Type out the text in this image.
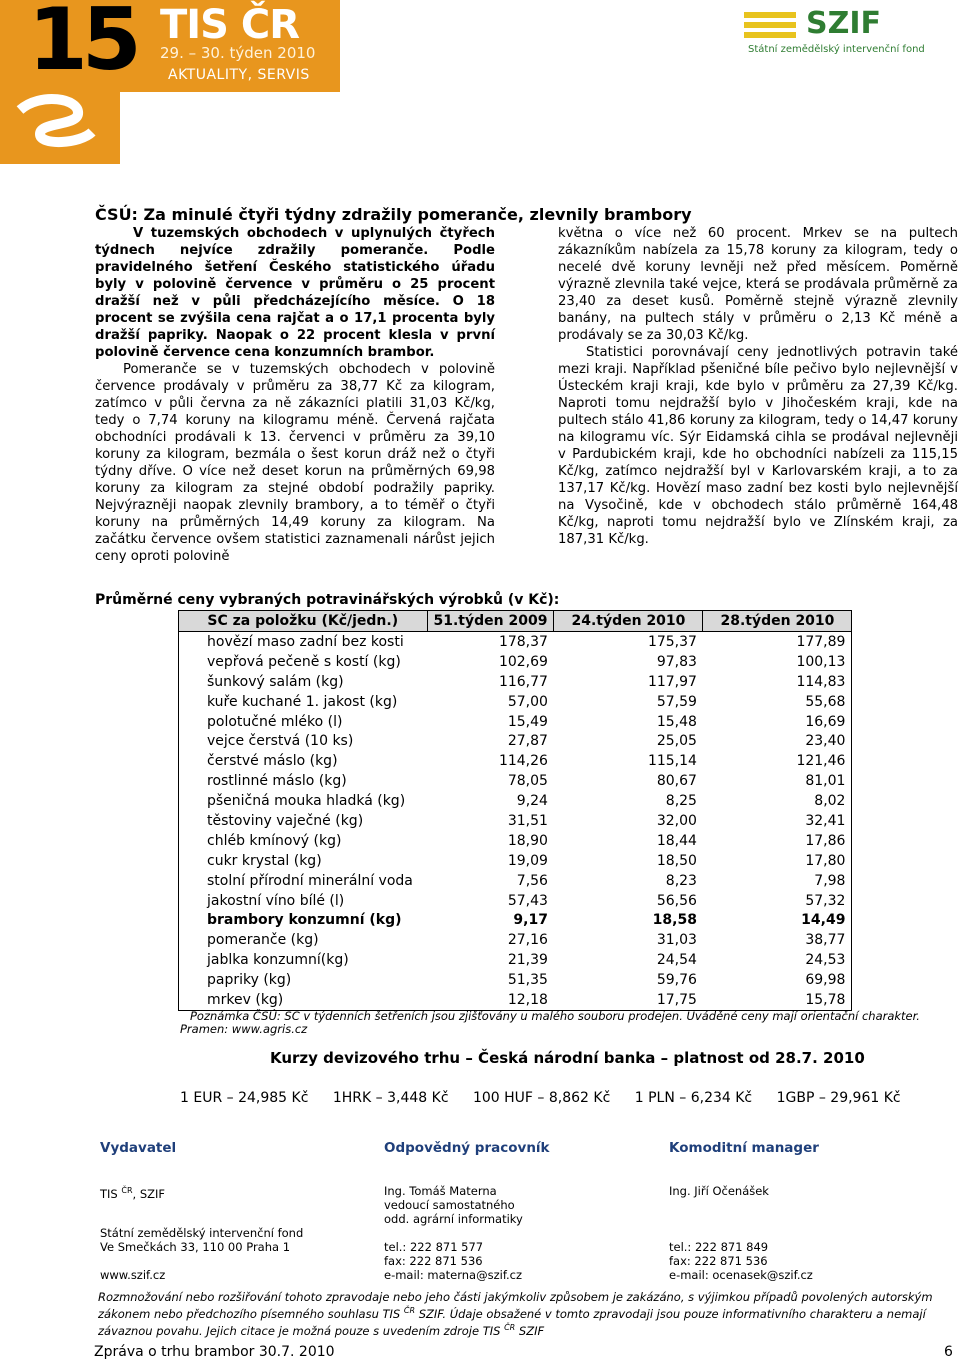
15 TIS ČR
29. – 30. týden 2010
AKTUALITY, SERVIS
SZIF
Státní zemědělský intervenční fond
ČSÚ: Za minulé čtyři týdny zdražily pomeranče, zlevnily brambory

V tuzemských obchodech v uplynulých čtyřech týdnech nejvíce zdražily pomeranče. Podle pravidelného šetření Českého statistického úřadu byly v polovině července v průměru o 25 procent dražší než v půli předcházejícího měsíce. O 18 procent se zvýšila cena rajčat a o 17,1 procenta byly dražší papriky. Naopak o 22 procent klesla v první polovině července cena konzumních brambor.

Pomeranče se v tuzemských obchodech v polovině července prodávaly v průměru za 38,77 Kč za kilogram, zatímco v půli června za ně zákazníci platili 31,03 Kč/kg, tedy o 7,74 koruny na kilogramu méně. Červená rajčata obchodníci prodávali k 13. červenci v průměru za 39,10 koruny za kilogram, bezmála o šest korun dráž než o čtyři týdny dříve. O více než deset korun na průměrných 69,98 koruny za kilogram za stejné období podražily papriky. Nejvýrazněji naopak zlevnily brambory, a to téměř o čtyři koruny na průměrných 14,49 koruny za kilogram. Na začátku července ovšem statistici zaznamenali nárůst jejich ceny oproti polovině

května o více než 60 procent. Mrkev se na pultech zákazníkům nabízela za 15,78 koruny za kilogram, tedy o necelé dvě koruny levněji než před měsícem. Poměrně výrazně zlevnila také vejce, která se prodávala průměrně za 23,40 za deset kusů. Poměrně stejně výrazně zlevnily banány, na pultech stály v průměru o 2,13 Kč méně a prodávaly se za 30,03 Kč/kg.

Statistici porovnávají ceny jednotlivých potravin také mezi kraji. Například pšeničné bíle pečivo bylo nejlevnější v Ústeckém kraji kraji, kde bylo v průměru za 27,39 Kč/kg. Naproti tomu nejdražší bylo v Jihočeském kraji, kde na pultech stálo 41,86 koruny za kilogram, tedy o 14,47 koruny na kilogramu víc. Sýr Eidamská cihla se prodával nejlevněji v Pardubickém kraji, kde ho obchodníci nabízeli za 115,15 Kč/kg, zatímco nejdražší byl v Karlovarském kraji, a to za 137,17 Kč/kg. Hovězí maso zadní bez kosti bylo nejlevnější na Vysočině, kde v obchodech stálo průměrně 164,48 Kč/kg, naproti tomu nejdražší bylo ve Zlínském kraji, za 187,31 Kč/kg.

Průměrné ceny vybraných potravinářských výrobků (v Kč):
SC za položku (Kč/jedn.)	51.týden 2009	24.týden 2010	28.týden 2010
hovězí maso zadní bez kosti	178,37	175,37	177,89
vepřová pečeně s kostí (kg)	102,69	97,83	100,13
šunkový salám (kg)	116,77	117,97	114,83
kuře kuchané 1. jakost (kg)	57,00	57,59	55,68
polotučné mléko (l)	15,49	15,48	16,69
vejce čerstvá (10 ks)	27,87	25,05	23,40
čerstvé máslo (kg)	114,26	115,14	121,46
rostlinné máslo (kg)	78,05	80,67	81,01
pšeničná mouka hladká (kg)	9,24	8,25	8,02
těstoviny vaječné (kg)	31,51	32,00	32,41
chléb kmínový (kg)	18,90	18,44	17,86
cukr krystal (kg)	19,09	18,50	17,80
stolní přírodní minerální voda	7,56	8,23	7,98
jakostní víno bílé (l)	57,43	56,56	57,32
brambory konzumní (kg)	9,17	18,58	14,49
pomeranče (kg)	27,16	31,03	38,77
jablka konzumní(kg)	21,39	24,54	24,53
papriky (kg)	51,35	59,76	69,98
mrkev (kg)	12,18	17,75	15,78
Poznámka ČSÚ: SC v týdenních šetřeních jsou zjišťovány u malého souboru prodejen. Uváděné ceny mají orientační charakter.
Pramen: www.agris.cz
Kurzy devizového trhu – Česká národní banka – platnost od 28.7. 2010
1 EUR – 24,985 Kč 1HRK – 3,448 Kč 100 HUF – 8,862 Kč 1 PLN – 6,234 Kč 1GBP – 29,961 Kč
Vydavatel	Odpovědný pracovník	Komoditní manager
TIS $^{ČR}$, SZIF
Státní zemědělský intervenční fond
Ve Smečkách 33, 110 00 Praha 1
www.szif.cz
Ing. Tomáš Materna
vedoucí samostatného
odd. agrární informatiky
tel.: 222 871 577
fax: 222 871 536
e-mail: materna@szif.cz
Ing. Jiří Očenášek
tel.: 222 871 849
fax: 222 871 536
e-mail: ocenasek@szif.cz
Rozmnožování nebo rozšiřování tohoto zpravodaje nebo jeho části jakýmkoliv způsobem je zakázáno, s výjimkou případů povolených autorským zákonem nebo předchozího písemného souhlasu TIS $^{ČR}$ SZIF. Údaje obsažené v tomto zpravodaji jsou pouze informativního charakteru a nemají závaznou povahu. Jejich citace je možná pouze s uvedením zdroje TIS $^{ČR}$ SZIF
Zpráva o trhu brambor 30.7. 2010	6
